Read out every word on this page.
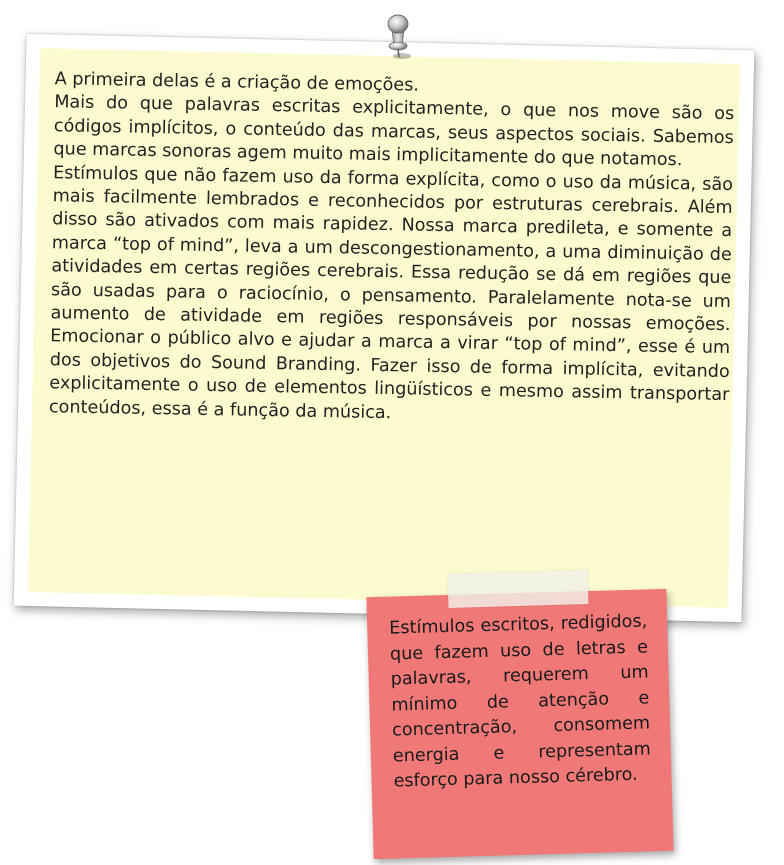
A primeira delas é a criação de emoções.

Mais do que palavras escritas explicitamente, o que nos move são os códigos implícitos, o conteúdo das marcas, seus aspectos sociais. Sabemos que marcas sonoras agem muito mais implicitamente do que notamos.

Estímulos que não fazem uso da forma explícita, como o uso da música, são mais facilmente lembrados e reconhecidos por estruturas cerebrais. Além disso são ativados com mais rapidez. Nossa marca predileta, e somente a marca “top of mind”, leva a um descongestionamento, a uma diminuição de atividades em certas regiões cerebrais. Essa redução se dá em regiões que são usadas para o raciocínio, o pensamento. Paralelamente nota-se um aumento de atividade em regiões responsáveis por nossas emoções. Emocionar o público alvo e ajudar a marca a virar “top of mind”, esse é um dos objetivos do Sound Branding. Fazer isso de forma implícita, evitando explicitamente o uso de elementos lingüísticos e mesmo assim transportar conteúdos, essa é a função da música.

Estímulos escritos, redigidos, que fazem uso de letras e palavras, requerem um mínimo de atenção e concentração, consomem energia e representam esforço para nosso cérebro.
